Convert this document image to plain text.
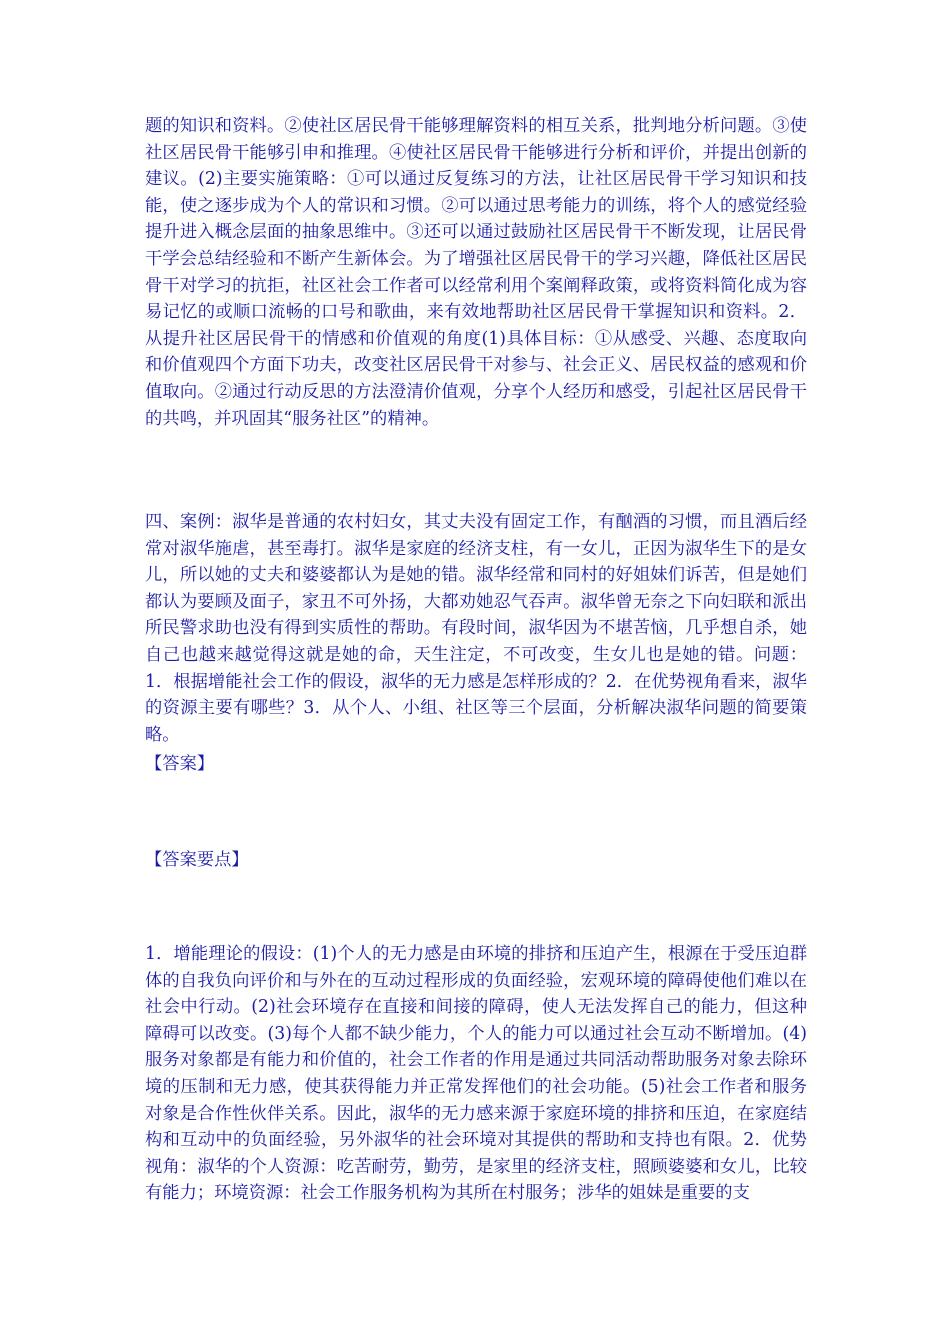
题的知识和资料。②使社区居民骨干能够理解资料的相互关系，批判地分析问题。③使社区居民骨干能够引申和推理。④使社区居民骨干能够进行分析和评价，并提出创新的建议。(2)主要实施策略：①可以通过反复练习的方法，让社区居民骨干学习知识和技能，使之逐步成为个人的常识和习惯。②可以通过思考能力的训练，将个人的感觉经验提升进入概念层面的抽象思维中。③还可以通过鼓励社区居民骨干不断发现，让居民骨干学会总结经验和不断产生新体会。为了增强社区居民骨干的学习兴趣，降低社区居民骨干对学习的抗拒，社区社会工作者可以经常利用个案阐释政策，或将资料简化成为容易记忆的或顺口流畅的口号和歌曲，来有效地帮助社区居民骨干掌握知识和资料。2．从提升社区居民骨干的情感和价值观的角度(1)具体目标：①从感受、兴趣、态度取向和价值观四个方面下功夫，改变社区居民骨干对参与、社会正义、居民权益的感观和价值取向。②通过行动反思的方法澄清价值观，分享个人经历和感受，引起社区居民骨干的共鸣，并巩固其“服务社区”的精神。

四、案例：淑华是普通的农村妇女，其丈夫没有固定工作，有酗酒的习惯，而且酒后经常对淑华施虐，甚至毒打。淑华是家庭的经济支柱，有一女儿，正因为淑华生下的是女儿，所以她的丈夫和婆婆都认为是她的错。淑华经常和同村的好姐妹们诉苦，但是她们都认为要顾及面子，家丑不可外扬，大都劝她忍气吞声。淑华曾无奈之下向妇联和派出所民警求助也没有得到实质性的帮助。有段时间，淑华因为不堪苦恼，几乎想自杀，她自己也越来越觉得这就是她的命，天生注定，不可改变，生女儿也是她的错。问题：1．根据增能社会工作的假设，淑华的无力感是怎样形成的？2．在优势视角看来，淑华的资源主要有哪些？3．从个人、小组、社区等三个层面，分析解决淑华问题的简要策略。

【答案】

【答案要点】

1．增能理论的假设：(1)个人的无力感是由环境的排挤和压迫产生，根源在于受压迫群体的自我负向评价和与外在的互动过程形成的负面经验，宏观环境的障碍使他们难以在社会中行动。(2)社会环境存在直接和间接的障碍，使人无法发挥自己的能力，但这种障碍可以改变。(3)每个人都不缺少能力，个人的能力可以通过社会互动不断增加。(4)服务对象都是有能力和价值的，社会工作者的作用是通过共同活动帮助服务对象去除环境的压制和无力感，使其获得能力并正常发挥他们的社会功能。(5)社会工作者和服务对象是合作性伙伴关系。因此，淑华的无力感来源于家庭环境的排挤和压迫，在家庭结构和互动中的负面经验，另外淑华的社会环境对其提供的帮助和支持也有限。2．优势视角：淑华的个人资源：吃苦耐劳，勤劳，是家里的经济支柱，照顾婆婆和女儿，比较有能力；环境资源：社会工作服务机构为其所在村服务；涉华的姐妹是重要的支
